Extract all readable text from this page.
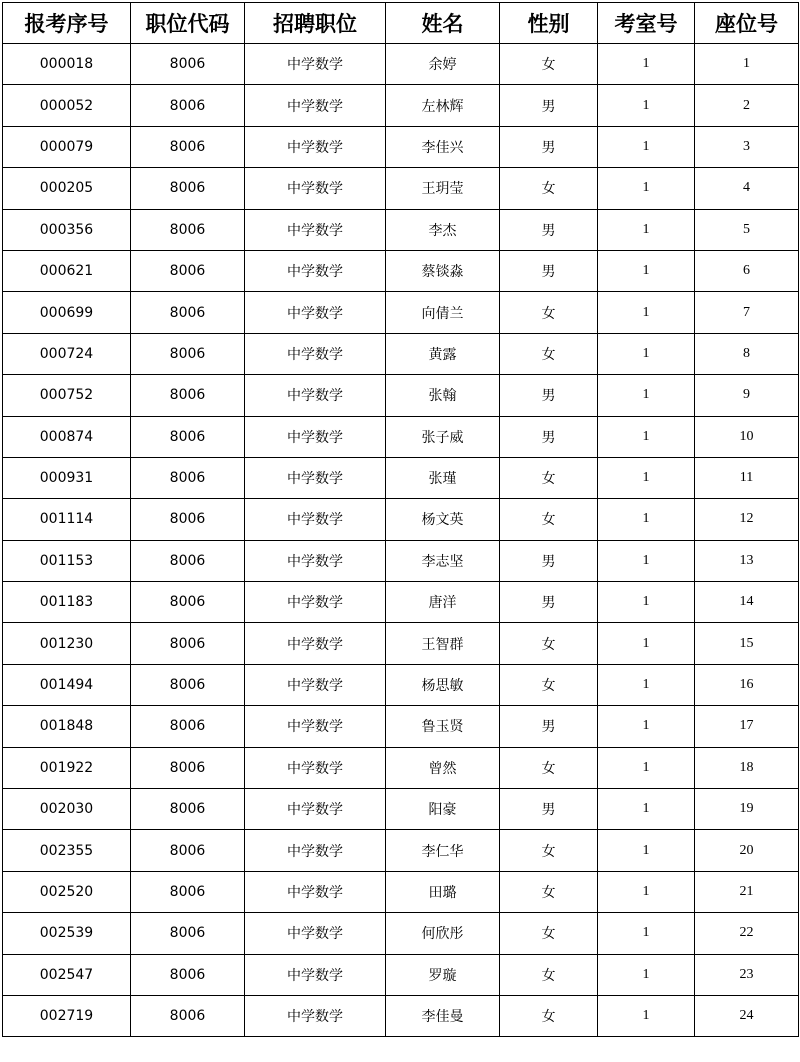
报考序号	职位代码	招聘职位	姓名	性别	考室号	座位号
000018	8006	中学数学	余婷	女	1	1
000052	8006	中学数学	左林辉	男	1	2
000079	8006	中学数学	李佳兴	男	1	3
000205	8006	中学数学	王玥莹	女	1	4
000356	8006	中学数学	李杰	男	1	5
000621	8006	中学数学	蔡锬淼	男	1	6
000699	8006	中学数学	向倩兰	女	1	7
000724	8006	中学数学	黄露	女	1	8
000752	8006	中学数学	张翰	男	1	9
000874	8006	中学数学	张子威	男	1	10
000931	8006	中学数学	张瑾	女	1	11
001114	8006	中学数学	杨文英	女	1	12
001153	8006	中学数学	李志坚	男	1	13
001183	8006	中学数学	唐洋	男	1	14
001230	8006	中学数学	王智群	女	1	15
001494	8006	中学数学	杨思敏	女	1	16
001848	8006	中学数学	鲁玉贤	男	1	17
001922	8006	中学数学	曾然	女	1	18
002030	8006	中学数学	阳豪	男	1	19
002355	8006	中学数学	李仁华	女	1	20
002520	8006	中学数学	田璐	女	1	21
002539	8006	中学数学	何欣彤	女	1	22
002547	8006	中学数学	罗璇	女	1	23
002719	8006	中学数学	李佳曼	女	1	24
